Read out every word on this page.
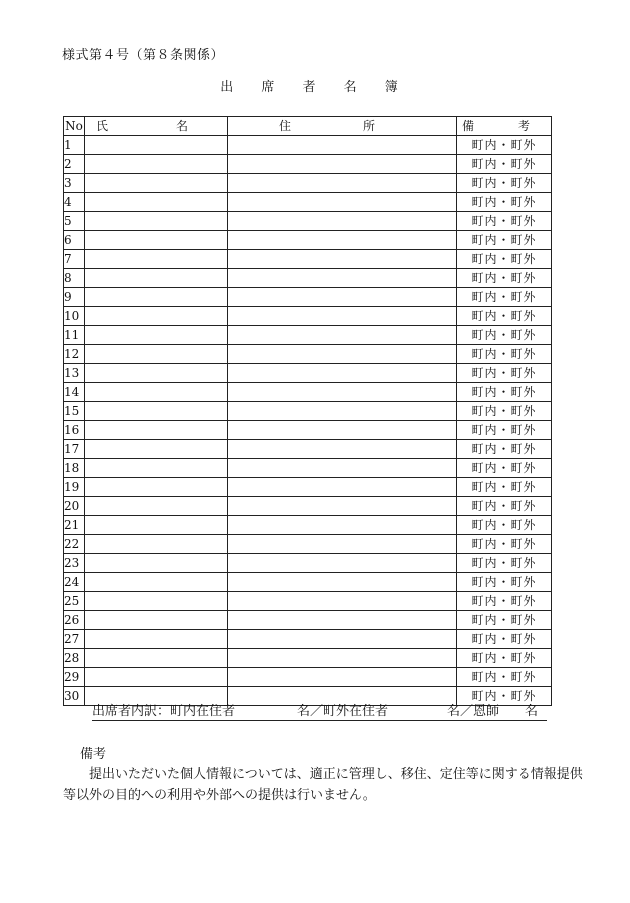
様式第４号（第８条関係）
出 席 者 名 簿
No	氏　名	住　所	備　考
1			町内・町外
2			町内・町外
3			町内・町外
4			町内・町外
5			町内・町外
6			町内・町外
7			町内・町外
8			町内・町外
9			町内・町外
10			町内・町外
11			町内・町外
12			町内・町外
13			町内・町外
14			町内・町外
15			町内・町外
16			町内・町外
17			町内・町外
18			町内・町外
19			町内・町外
20			町内・町外
21			町内・町外
22			町内・町外
23			町内・町外
24			町内・町外
25			町内・町外
26			町内・町外
27			町内・町外
28			町内・町外
29			町内・町外
30			町内・町外
出席者内訳：町内在住者	名／町外在住者	名／恩師　　名
備考
提出いただいた個人情報については、適正に管理し、移住、定住等に関する情報提供等以外の目的への利用や外部への提供は行いません。
